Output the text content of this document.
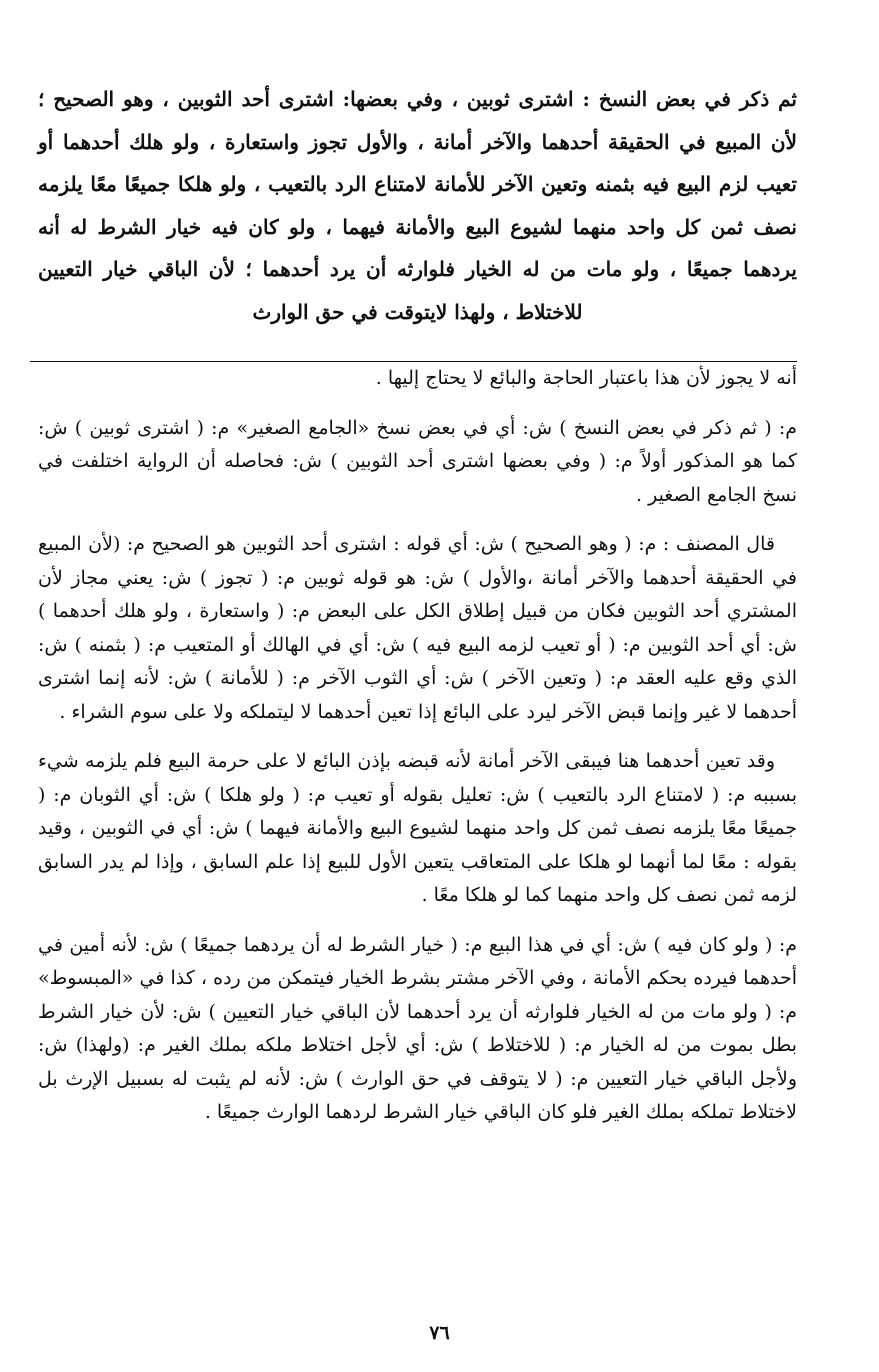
ثم ذكر في بعض النسخ : اشترى ثوبين ، وفي بعضها: اشترى أحد الثوبين ، وهو الصحيح ؛ لأن المبيع في الحقيقة أحدهما والآخر أمانة ، والأول تجوز واستعارة ، ولو هلك أحدهما أو تعيب لزم البيع فيه بثمنه وتعين الآخر للأمانة لامتناع الرد بالتعيب ، ولو هلكا جميعًا معًا يلزمه نصف ثمن كل واحد منهما لشيوع البيع والأمانة فيهما ، ولو كان فيه خيار الشرط له أنه يردهما جميعًا ، ولو مات من له الخيار فلوارثه أن يرد أحدهما ؛ لأن الباقي خيار التعيين للاختلاط ، ولهذا لايتوقت في حق الوارث

أنه لا يجوز لأن هذا باعتبار الحاجة والبائع لا يحتاج إليها .

م: ( ثم ذكر في بعض النسخ ) ش: أي في بعض نسخ «الجامع الصغير» م: ( اشترى ثوبين ) ش: كما هو المذكور أولاً م: ( وفي بعضها اشترى أحد الثوبين ) ش: فحاصله أن الرواية اختلفت في نسخ الجامع الصغير .

قال المصنف : م: ( وهو الصحيح ) ش: أي قوله : اشترى أحد الثوبين هو الصحيح م: (لأن المبيع في الحقيقة أحدهما والآخر أمانة ،والأول ) ش: هو قوله ثوبين م: ( تجوز ) ش: يعني مجاز لأن المشتري أحد الثوبين فكان من قبيل إطلاق الكل على البعض م: ( واستعارة ، ولو هلك أحدهما ) ش: أي أحد الثوبين م: ( أو تعيب لزمه البيع فيه ) ش: أي في الهالك أو المتعيب م: ( بثمنه ) ش: الذي وقع عليه العقد م: ( وتعين الآخر ) ش: أي الثوب الآخر م: ( للأمانة ) ش: لأنه إنما اشترى أحدهما لا غير وإنما قبض الآخر ليرد على البائع إذا تعين أحدهما لا ليتملكه ولا على سوم الشراء .

وقد تعين أحدهما هنا فيبقى الآخر أمانة لأنه قبضه بإذن البائع لا على حرمة البيع فلم يلزمه شيء بسببه م: ( لامتناع الرد بالتعيب ) ش: تعليل بقوله أو تعيب م: ( ولو هلكا ) ش: أي الثوبان م: ( جميعًا معًا يلزمه نصف ثمن كل واحد منهما لشيوع البيع والأمانة فيهما ) ش: أي في الثوبين ، وقيد بقوله : معًا لما أنهما لو هلكا على المتعاقب يتعين الأول للبيع إذا علم السابق ، وإذا لم يدر السابق لزمه ثمن نصف كل واحد منهما كما لو هلكا معًا .

م: ( ولو كان فيه ) ش: أي في هذا البيع م: ( خيار الشرط له أن يردهما جميعًا ) ش: لأنه أمين في أحدهما فيرده بحكم الأمانة ، وفي الآخر مشتر بشرط الخيار فيتمكن من رده ، كذا في «المبسوط» م: ( ولو مات من له الخيار فلوارثه أن يرد أحدهما لأن الباقي خيار التعيين ) ش: لأن خيار الشرط بطل بموت من له الخيار م: ( للاختلاط ) ش: أي لأجل اختلاط ملكه بملك الغير م: (ولهذا) ش: ولأجل الباقي خيار التعيين م: ( لا يتوقف في حق الوارث ) ش: لأنه لم يثبت له بسبيل الإرث بل لاختلاط تملكه بملك الغير فلو كان الباقي خيار الشرط لردهما الوارث جميعًا .

٧٦
